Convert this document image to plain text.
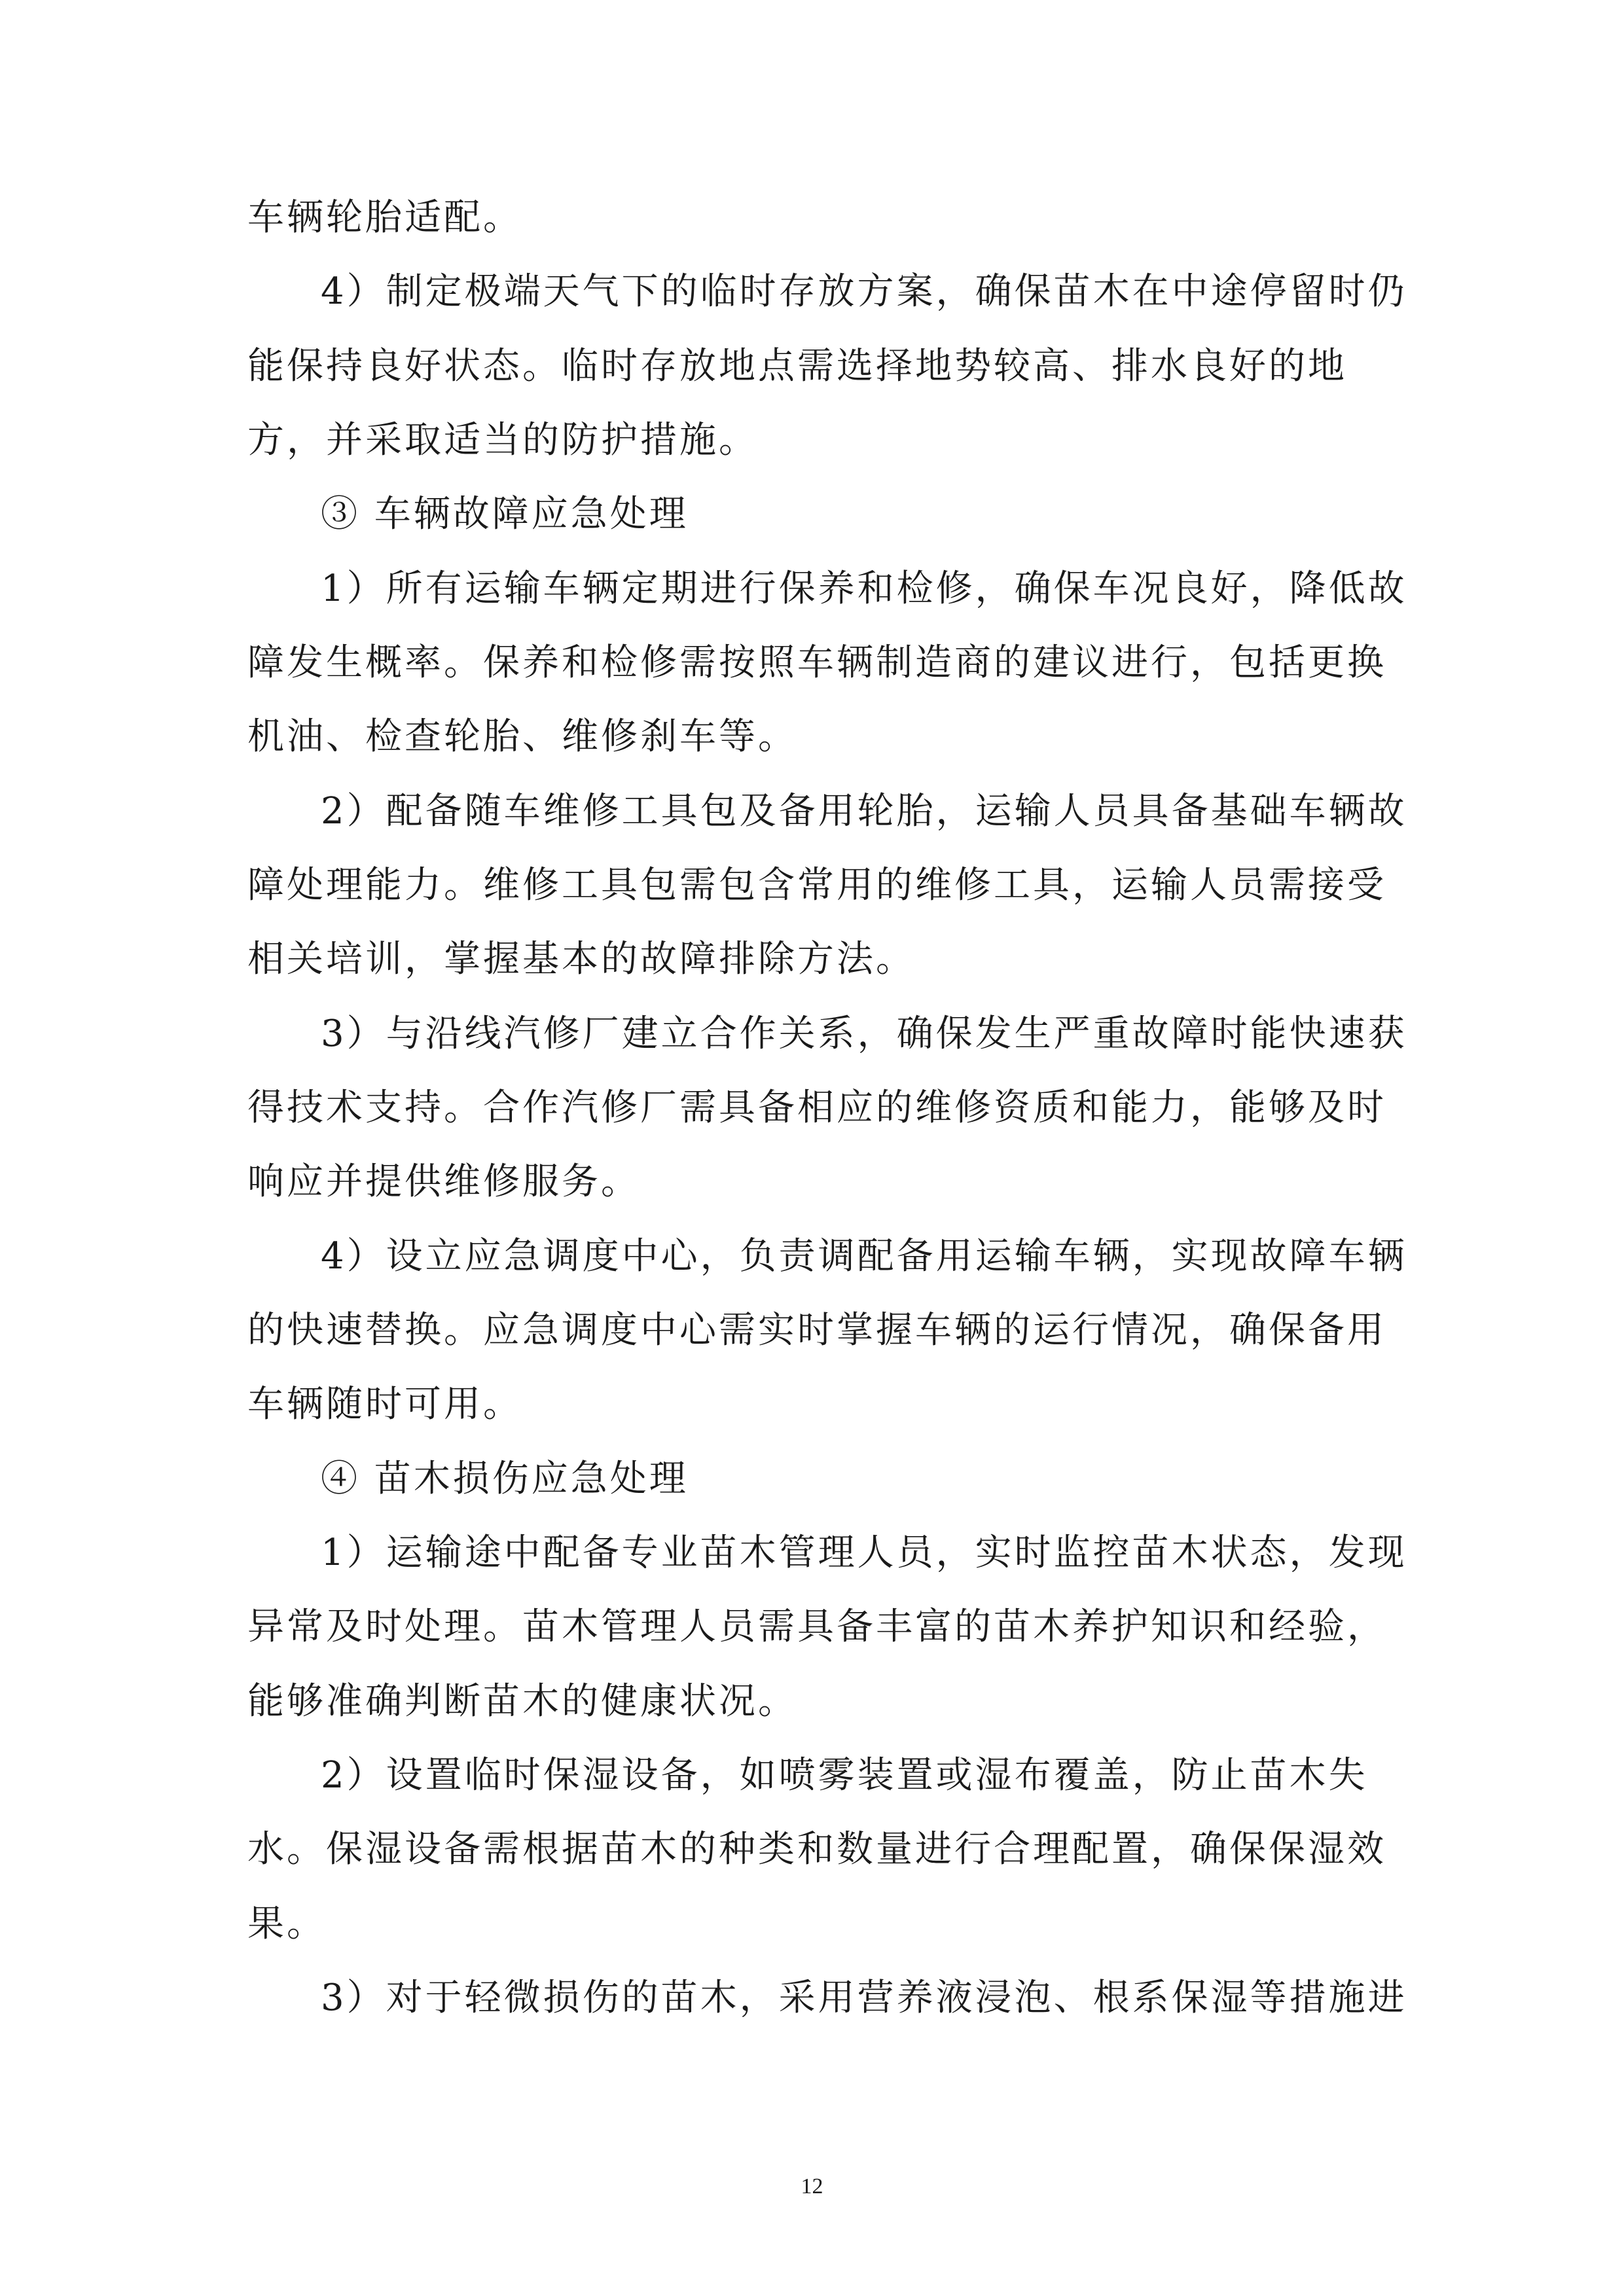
车辆轮胎适配。
4）制定极端天气下的临时存放方案，确保苗木在中途停留时仍
能保持良好状态。临时存放地点需选择地势较高、排水良好的地
方，并采取适当的防护措施。
③ 车辆故障应急处理
1）所有运输车辆定期进行保养和检修，确保车况良好，降低故
障发生概率。保养和检修需按照车辆制造商的建议进行，包括更换
机油、检查轮胎、维修刹车等。
2）配备随车维修工具包及备用轮胎，运输人员具备基础车辆故
障处理能力。维修工具包需包含常用的维修工具，运输人员需接受
相关培训，掌握基本的故障排除方法。
3）与沿线汽修厂建立合作关系，确保发生严重故障时能快速获
得技术支持。合作汽修厂需具备相应的维修资质和能力，能够及时
响应并提供维修服务。
4）设立应急调度中心，负责调配备用运输车辆，实现故障车辆
的快速替换。应急调度中心需实时掌握车辆的运行情况，确保备用
车辆随时可用。
④ 苗木损伤应急处理
1）运输途中配备专业苗木管理人员，实时监控苗木状态，发现
异常及时处理。苗木管理人员需具备丰富的苗木养护知识和经验，
能够准确判断苗木的健康状况。
2）设置临时保湿设备，如喷雾装置或湿布覆盖，防止苗木失
水。保湿设备需根据苗木的种类和数量进行合理配置，确保保湿效
果。
3）对于轻微损伤的苗木，采用营养液浸泡、根系保湿等措施进
12
